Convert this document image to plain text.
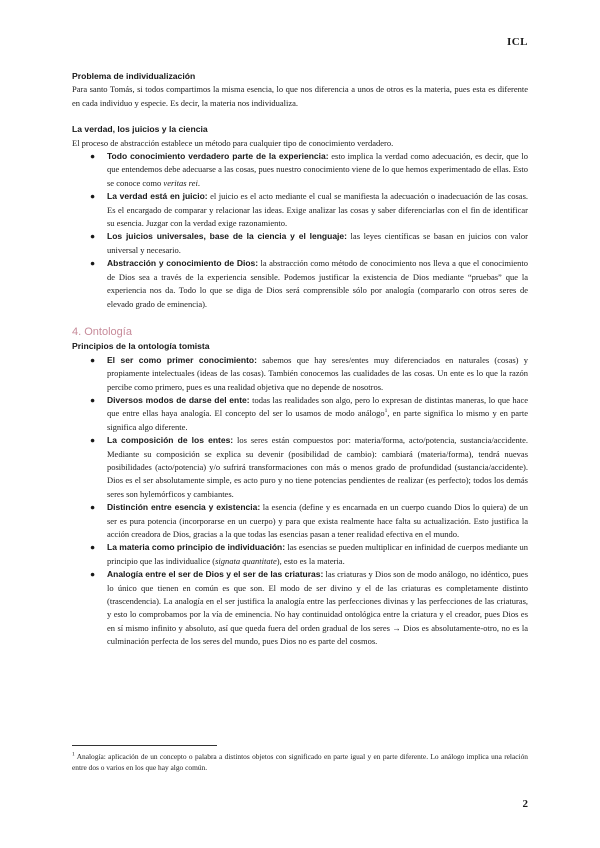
ICL

Problema de individualización

Para santo Tomás, si todos compartimos la misma esencia, lo que nos diferencia a unos de otros es la materia, pues esta es diferente en cada individuo y especie. Es decir, la materia nos individualiza.

La verdad, los juicios y la ciencia

El proceso de abstracción establece un método para cualquier tipo de conocimiento verdadero.

● Todo conocimiento verdadero parte de la experiencia: esto implica la verdad como adecuación, es decir, que lo que entendemos debe adecuarse a las cosas, pues nuestro conocimiento viene de lo que hemos experimentado de ellas. Esto se conoce como veritas rei.
● La verdad está en juicio: el juicio es el acto mediante el cual se manifiesta la adecuación o inadecuación de las cosas. Es el encargado de comparar y relacionar las ideas. Exige analizar las cosas y saber diferenciarlas con el fin de identificar su esencia. Juzgar con la verdad exige razonamiento.
● Los juicios universales, base de la ciencia y el lenguaje: las leyes científicas se basan en juicios con valor universal y necesario.
● Abstracción y conocimiento de Dios: la abstracción como método de conocimiento nos lleva a que el conocimiento de Dios sea a través de la experiencia sensible. Podemos justificar la existencia de Dios mediante “pruebas” que la experiencia nos da. Todo lo que se diga de Dios será comprensible sólo por analogía (compararlo con otros seres de elevado grado de eminencia).
4. Ontología

Principios de la ontología tomista

● El ser como primer conocimiento: sabemos que hay seres/entes muy diferenciados en naturales (cosas) y propiamente intelectuales (ideas de las cosas). También conocemos las cualidades de las cosas. Un ente es lo que la razón percibe como primero, pues es una realidad objetiva que no depende de nosotros.
● Diversos modos de darse del ente: todas las realidades son algo, pero lo expresan de distintas maneras, lo que hace que entre ellas haya analogía. El concepto del ser lo usamos de modo análogo$^1$, en parte significa lo mismo y en parte significa algo diferente.
● La composición de los entes: los seres están compuestos por: materia/forma, acto/potencia, sustancia/accidente. Mediante su composición se explica su devenir (posibilidad de cambio): cambiará (materia/forma), tendrá nuevas posibilidades (acto/potencia) y/o sufrirá transformaciones con más o menos grado de profundidad (sustancia/accidente). Dios es el ser absolutamente simple, es acto puro y no tiene potencias pendientes de realizar (es perfecto); todos los demás seres son hylemórficos y cambiantes.
● Distinción entre esencia y existencia: la esencia (define y es encarnada en un cuerpo cuando Dios lo quiera) de un ser es pura potencia (incorporarse en un cuerpo) y para que exista realmente hace falta su actualización. Esto justifica la acción creadora de Dios, gracias a la que todas las esencias pasan a tener realidad efectiva en el mundo.
● La materia como principio de individuación: las esencias se pueden multiplicar en infinidad de cuerpos mediante un principio que las individualice (signata quantitate), esto es la materia.
● Analogía entre el ser de Dios y el ser de las criaturas: las criaturas y Dios son de modo análogo, no idéntico, pues lo único que tienen en común es que son. El modo de ser divino y el de las criaturas es completamente distinto (trascendencia). La analogía en el ser justifica la analogía entre las perfecciones divinas y las perfecciones de las criaturas, y esto lo comprobamos por la vía de eminencia. No hay continuidad ontológica entre la criatura y el creador, pues Dios es en sí mismo infinito y absoluto, así que queda fuera del orden gradual de los seres → Dios es absolutamente-otro, no es la culminación perfecta de los seres del mundo, pues Dios no es parte del cosmos.
$^1$ Analogía: aplicación de un concepto o palabra a distintos objetos con significado en parte igual y en parte diferente. Lo análogo implica una relación entre dos o varios en los que hay algo común.
2
